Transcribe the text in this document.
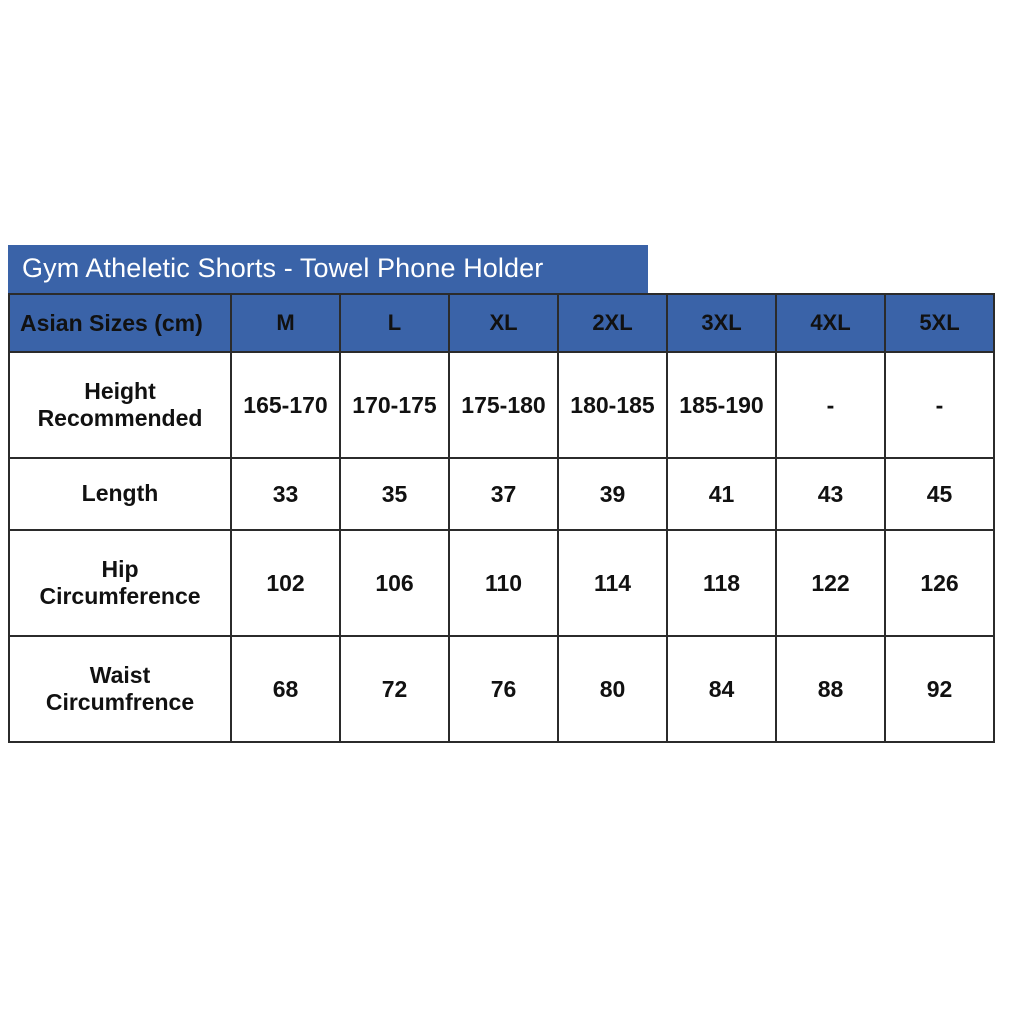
Gym Atheletic Shorts - Towel Phone Holder
Asian Sizes (cm)	M	L	XL	2XL	3XL	4XL	5XL

Height
Recommended	165-170	170-175	175-180	180-185	185-190	-	-

Length	33	35	37	39	41	43	45

Hip
Circumference	102	106	110	114	118	122	126

Waist
Circumfrence	68	72	76	80	84	88	92
